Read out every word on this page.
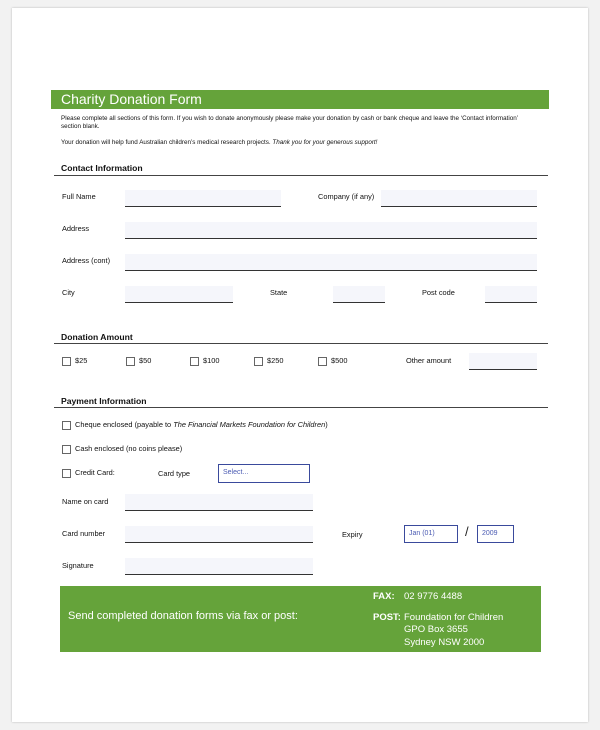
Charity Donation Form
Please complete all sections of this form. If you wish to donate anonymously please make your donation by cash or bank cheque and leave the ‘Contact information’
section blank.
Your donation will help fund Australian children’s medical research projects. Thank you for your generous support!
Contact Information
Full Name	Company (if any)
Address
Address (cont)
City	State	Post code
Donation Amount
$25	$50	$100	$250	$500	Other amount
Payment Information
Cheque enclosed (payable to The Financial Markets Foundation for Children)
Cash enclosed (no coins please)
Credit Card:	Card type	Select...
Name on card
Card number	Expiry	Jan (01)	/	2009
Signature
Send completed donation forms via fax or post:
FAX: 02 9776 4488
POST: Foundation for Children
GPO Box 3655
Sydney NSW 2000
